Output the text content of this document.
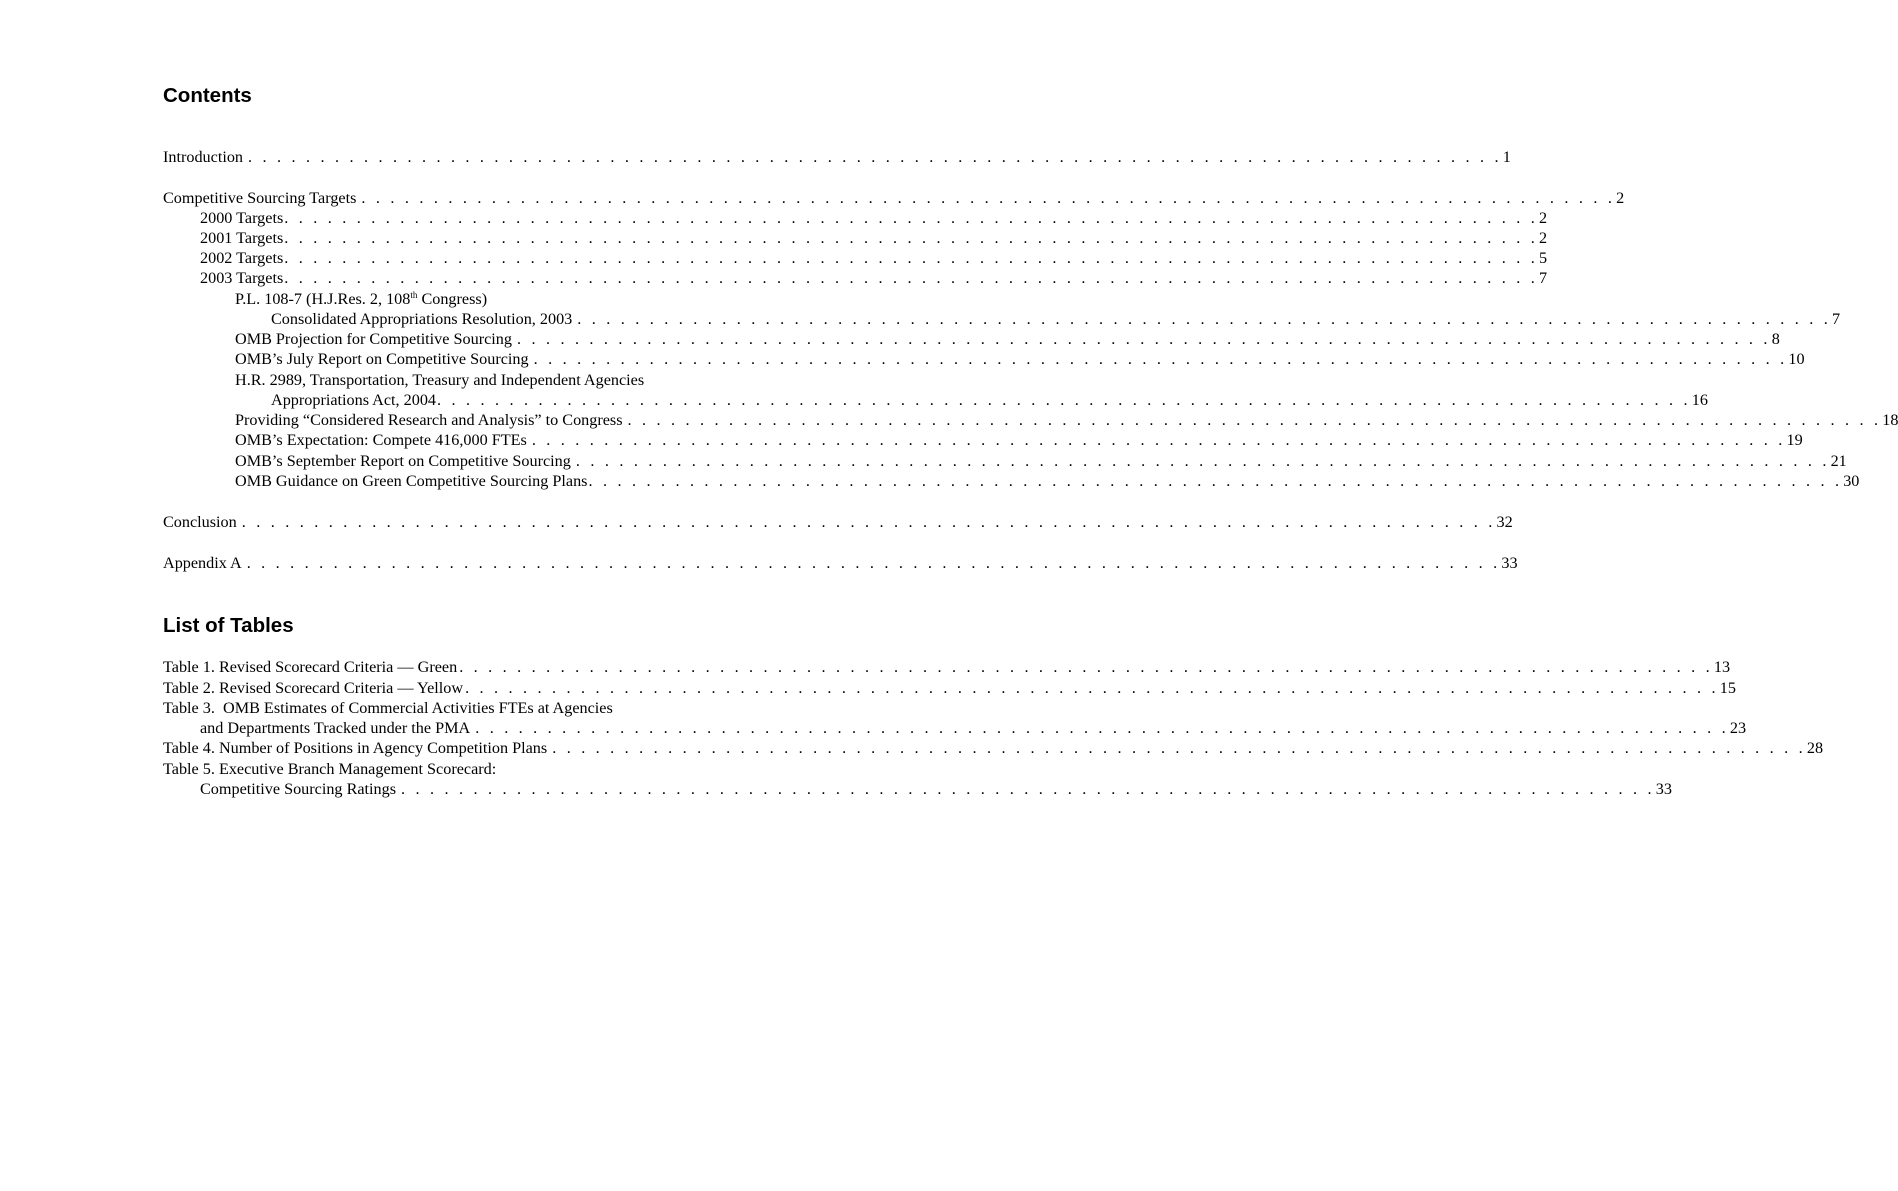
Contents
Introduction . . . . . . . . . . . . . . . . . . . . . . . . . . . . . . . . . . . . . . . . . . . . . . . . . . . . . . . . . . . . . . . . . . . . . . . . . . . . . . . . . . . . . . . 1
Competitive Sourcing Targets . . . . . . . . . . . . . . . . . . . . . . . . . . . . . . . . . . . . . . . . . . . . . . . . . . . . . . . . . . . . . . . . . . . . . . . . . . . . . . . . . . . . . . . 2
2000 Targets . . . . . . . . . . . . . . . . . . . . . . . . . . . . . . . . . . . . . . . . . . . . . . . . . . . . . . . . . . . . . . . . . . . . . . . . . . . . . . . . . . . . . . . 2
2001 Targets . . . . . . . . . . . . . . . . . . . . . . . . . . . . . . . . . . . . . . . . . . . . . . . . . . . . . . . . . . . . . . . . . . . . . . . . . . . . . . . . . . . . . . . 2
2002 Targets . . . . . . . . . . . . . . . . . . . . . . . . . . . . . . . . . . . . . . . . . . . . . . . . . . . . . . . . . . . . . . . . . . . . . . . . . . . . . . . . . . . . . . . 5
2003 Targets . . . . . . . . . . . . . . . . . . . . . . . . . . . . . . . . . . . . . . . . . . . . . . . . . . . . . . . . . . . . . . . . . . . . . . . . . . . . . . . . . . . . . . . 7
P.L. 108-7 (H.J.Res. 2, 108th Congress)
Consolidated Appropriations Resolution, 2003 . . . . . . . . . . . . . . . . . . . . . . . . . . . . . . . . . . . . . . . . . . . . . . . . . . . . . . . . . . . . . . . . . . . . . . . . . . . . . . . . . . . . . . . 7
OMB Projection for Competitive Sourcing . . . . . . . . . . . . . . . . . . . . . . . . . . . . . . . . . . . . . . . . . . . . . . . . . . . . . . . . . . . . . . . . . . . . . . . . . . . . . . . . . . . . . . . 8
OMB’s July Report on Competitive Sourcing . . . . . . . . . . . . . . . . . . . . . . . . . . . . . . . . . . . . . . . . . . . . . . . . . . . . . . . . . . . . . . . . . . . . . . . . . . . . . . . . . . . . . . . 10
H.R. 2989, Transportation, Treasury and Independent Agencies
Appropriations Act, 2004 . . . . . . . . . . . . . . . . . . . . . . . . . . . . . . . . . . . . . . . . . . . . . . . . . . . . . . . . . . . . . . . . . . . . . . . . . . . . . . . . . . . . . . . 16
Providing “Considered Research and Analysis” to Congress . . . . . . . . . . . . . . . . . . . . . . . . . . . . . . . . . . . . . . . . . . . . . . . . . . . . . . . . . . . . . . . . . . . . . . . . . . . . . . . . . . . . . . . 18
OMB’s Expectation: Compete 416,000 FTEs . . . . . . . . . . . . . . . . . . . . . . . . . . . . . . . . . . . . . . . . . . . . . . . . . . . . . . . . . . . . . . . . . . . . . . . . . . . . . . . . . . . . . . . 19
OMB’s September Report on Competitive Sourcing . . . . . . . . . . . . . . . . . . . . . . . . . . . . . . . . . . . . . . . . . . . . . . . . . . . . . . . . . . . . . . . . . . . . . . . . . . . . . . . . . . . . . . . 21
OMB Guidance on Green Competitive Sourcing Plans . . . . . . . . . . . . . . . . . . . . . . . . . . . . . . . . . . . . . . . . . . . . . . . . . . . . . . . . . . . . . . . . . . . . . . . . . . . . . . . . . . . . . . . 30
Conclusion . . . . . . . . . . . . . . . . . . . . . . . . . . . . . . . . . . . . . . . . . . . . . . . . . . . . . . . . . . . . . . . . . . . . . . . . . . . . . . . . . . . . . . . 32
Appendix A . . . . . . . . . . . . . . . . . . . . . . . . . . . . . . . . . . . . . . . . . . . . . . . . . . . . . . . . . . . . . . . . . . . . . . . . . . . . . . . . . . . . . . . 33
List of Tables
Table 1. Revised Scorecard Criteria — Green . . . . . . . . . . . . . . . . . . . . . . . . . . . . . . . . . . . . . . . . . . . . . . . . . . . . . . . . . . . . . . . . . . . . . . . . . . . . . . . . . . . . . . . 13
Table 2. Revised Scorecard Criteria — Yellow . . . . . . . . . . . . . . . . . . . . . . . . . . . . . . . . . . . . . . . . . . . . . . . . . . . . . . . . . . . . . . . . . . . . . . . . . . . . . . . . . . . . . . . 15
Table 3.  OMB Estimates of Commercial Activities FTEs at Agencies
and Departments Tracked under the PMA . . . . . . . . . . . . . . . . . . . . . . . . . . . . . . . . . . . . . . . . . . . . . . . . . . . . . . . . . . . . . . . . . . . . . . . . . . . . . . . . . . . . . . . 23
Table 4. Number of Positions in Agency Competition Plans . . . . . . . . . . . . . . . . . . . . . . . . . . . . . . . . . . . . . . . . . . . . . . . . . . . . . . . . . . . . . . . . . . . . . . . . . . . . . . . . . . . . . . . 28
Table 5. Executive Branch Management Scorecard:
Competitive Sourcing Ratings . . . . . . . . . . . . . . . . . . . . . . . . . . . . . . . . . . . . . . . . . . . . . . . . . . . . . . . . . . . . . . . . . . . . . . . . . . . . . . . . . . . . . . . 33
